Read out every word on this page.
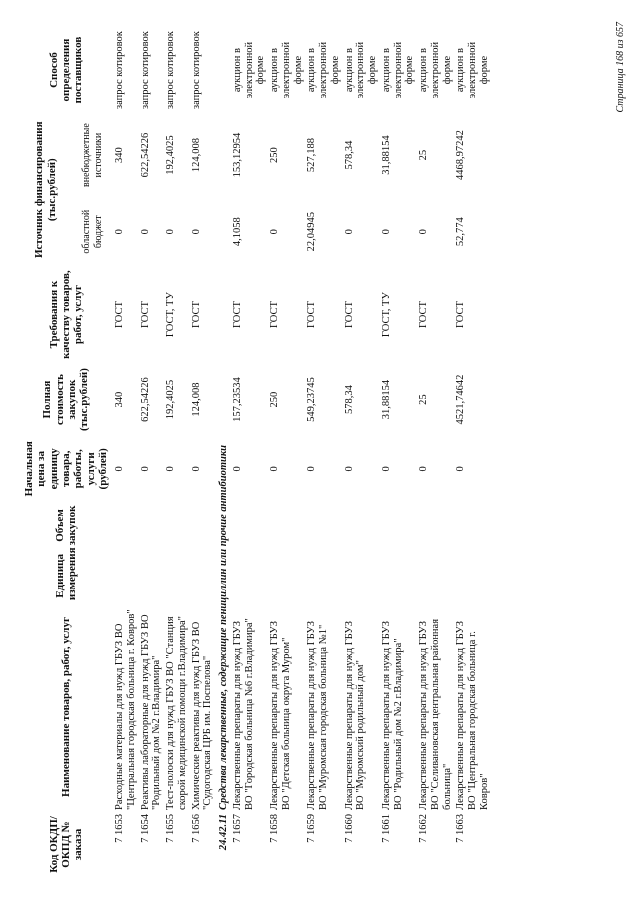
Код ОКДП/ ОКПД № заказа	Наименование товаров, работ, услуг	Единица измерения	Объем закупок	Начальная цена за единицу товара, работы, услуги (рублей)	Полная стоимость закупок (тыс.рублей)	Требования к качеству товаров, работ, услуг	Источник финансирования (тыс.рублей)		Способ определения поставщиков
							областной бюджет	внебюджетные источники	
7 1653	Расходные материалы для нужд ГБУЗ ВО "Центральная городская больница г. Ковров"			0	340	ГОСТ	0	340	запрос котировок
7 1654	Реактивы лабораторные для нужд ГБУЗ ВО "Родильный дом №2 г.Владимира"			0	622,54226	ГОСТ	0	622,54226	запрос котировок
7 1655	Тест-полоски для нужд ГБУЗ ВО "Станция скорой медицинской помощи г.Владимира"			0	192,4025	ГОСТ, ТУ	0	192,4025	запрос котировок
7 1656	Химические реактивы для нужд ГБУЗ ВО "Судогодская ЦРБ им. Поспелова"			0	124,008	ГОСТ	0	124,008	запрос котировок
24.42.11	Средства лекарственные, содержащие пенициллин или прочие антибиотики								
7 1657	Лекарственные препараты для нужд ГБУЗ ВО "Городская больница №6 г.Владимира"			0	157,23534	ГОСТ	4,1058	153,12954	аукцион в электронной форме
7 1658	Лекарственные препараты для нужд ГБУЗ ВО "Детская больница округа Муром"			0	250	ГОСТ	0	250	аукцион в электронной форме
7 1659	Лекарственные препараты для нужд ГБУЗ ВО "Муромская городская больница №1"			0	549,23745	ГОСТ	22,04945	527,188	аукцион в электронной форме
7 1660	Лекарственные препараты для нужд ГБУЗ ВО "Муромский родильный дом"			0	578,34	ГОСТ	0	578,34	аукцион в электронной форме
7 1661	Лекарственные препараты для нужд ГБУЗ ВО "Родильный дом №2 г.Владимира"			0	31,88154	ГОСТ, ТУ	0	31,88154	аукцион в электронной форме
7 1662	Лекарственные препараты для нужд ГБУЗ ВО "Селивановская центральная районная больница"			0	25	ГОСТ	0	25	аукцион в электронной форме
7 1663	Лекарственные препараты для нужд ГБУЗ ВО "Центральная городская больница г. Ковров"			0	4521,74642	ГОСТ	52,774	4468,97242	аукцион в электронной форме	Страница 168 из 657
